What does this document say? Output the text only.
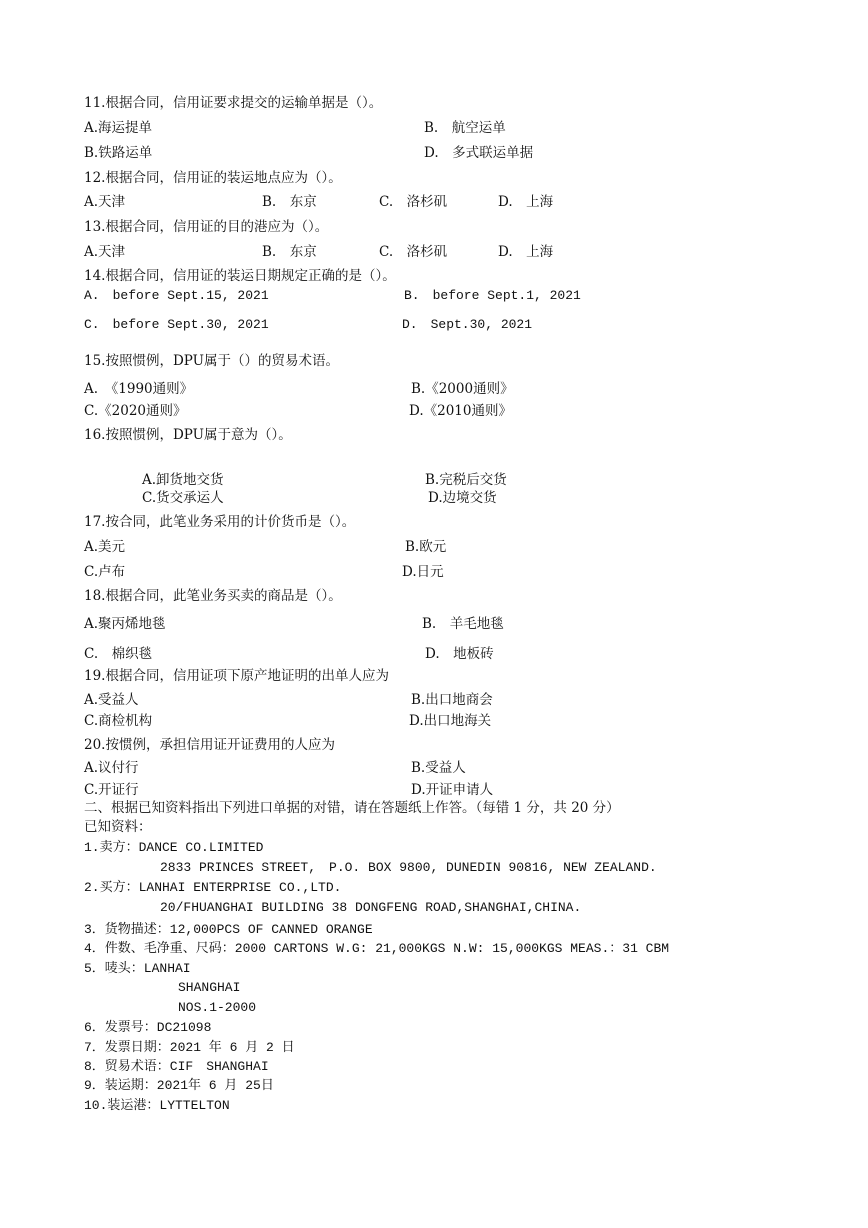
11.根据合同，信用证要求提交的运输单据是（）。
A.海运提单	B.　航空运单
B.铁路运单	D.　多式联运单据
12.根据合同，信用证的装运地点应为（）。
A.天津	B.　东京	C.　洛杉矶	D.　上海
13.根据合同，信用证的目的港应为（）。
A.天津	B.　东京	C.　洛杉矶	D.　上海
14.根据合同，信用证的装运日期规定正确的是（）。
A.　before Sept.15, 2021	B.　before Sept.1, 2021
C.　before Sept.30, 2021	D.　Sept.30, 2021
15.按照惯例，DPU属于（）的贸易术语。
A.　《1990通则》	B.《2000通则》
C.《2020通则》	D.《2010通则》
16.按照惯例，DPU属于意为（）。
A.卸货地交货	B.完税后交货
C.货交承运人	D.边境交货
17.按合同，此笔业务采用的计价货币是（）。
A.美元	B.欧元
C.卢布	D.日元
18.根据合同，此笔业务买卖的商品是（）。
A.聚丙烯地毯	B.　羊毛地毯
C.　棉织毯	D.　地板砖
19.根据合同，信用证项下原产地证明的出单人应为
A.受益人	B.出口地商会
C.商检机构	D.出口地海关
20.按惯例，承担信用证开证费用的人应为
A.议付行	B.受益人
C.开证行	D.开证申请人
二、根据已知资料指出下列进口单据的对错，请在答题纸上作答。（每错 1 分，共 20 分）
已知资料：
1.卖方：DANCE CO.LIMITED
2833 PRINCES STREET,　P.O. BOX 9800, DUNEDIN 90816, NEW ZEALAND.
2.买方：LANHAI ENTERPRISE CO.,LTD.
20/FHUANGHAI BUILDING 38 DONGFENG ROAD,SHANGHAI,CHINA.
3．货物描述：12,000PCS OF CANNED ORANGE
4．件数、毛净重、尺码：2000 CARTONS W.G: 21,000KGS N.W: 15,000KGS MEAS.：31 CBM
5．唛头：LANHAI
SHANGHAI
NOS.1-2000
6．发票号：DC21098
7．发票日期：2021 年 6 月 2 日
8．贸易术语：CIF　SHANGHAI
9．装运期：2021年 6 月 25日
10.装运港：LYTTELTON
